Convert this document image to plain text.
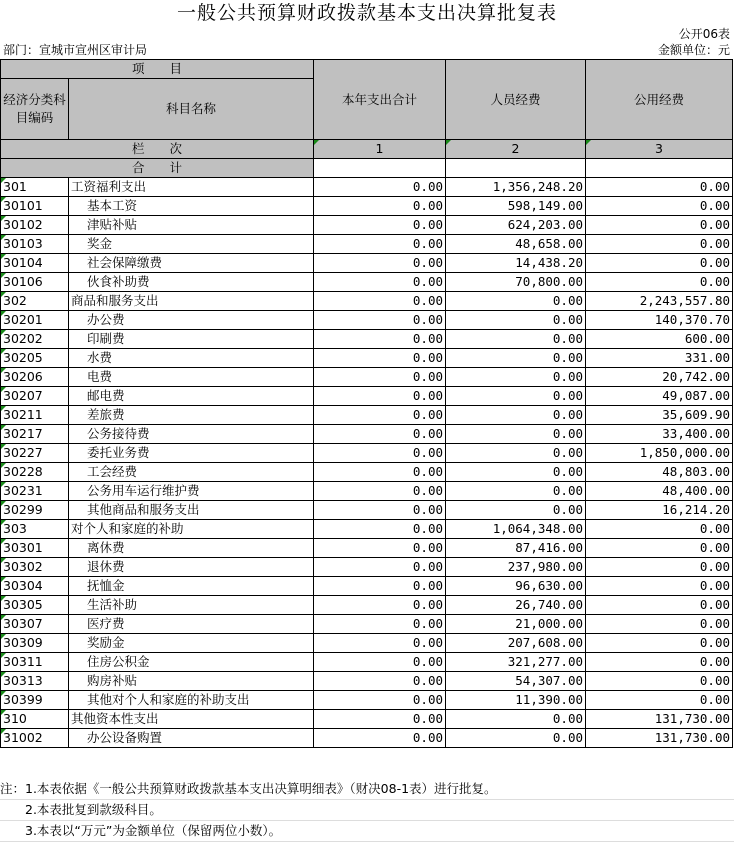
一般公共预算财政拨款基本支出决算批复表
公开06表
部门：宣城市宣州区审计局	金额单位：元
项　　目		本年支出合计	人员经费	公用经费
经济分类科目编码	科目名称			
栏　　次		1	2	3
合　　计				
301	工资福利支出	0.00	1,356,248.20	0.00
30101	基本工资	0.00	598,149.00	0.00
30102	津贴补贴	0.00	624,203.00	0.00
30103	奖金	0.00	48,658.00	0.00
30104	社会保障缴费	0.00	14,438.20	0.00
30106	伙食补助费	0.00	70,800.00	0.00
302	商品和服务支出	0.00	0.00	2,243,557.80
30201	办公费	0.00	0.00	140,370.70
30202	印刷费	0.00	0.00	600.00
30205	水费	0.00	0.00	331.00
30206	电费	0.00	0.00	20,742.00
30207	邮电费	0.00	0.00	49,087.00
30211	差旅费	0.00	0.00	35,609.90
30217	公务接待费	0.00	0.00	33,400.00
30227	委托业务费	0.00	0.00	1,850,000.00
30228	工会经费	0.00	0.00	48,803.00
30231	公务用车运行维护费	0.00	0.00	48,400.00
30299	其他商品和服务支出	0.00	0.00	16,214.20
303	对个人和家庭的补助	0.00	1,064,348.00	0.00
30301	离休费	0.00	87,416.00	0.00
30302	退休费	0.00	237,980.00	0.00
30304	抚恤金	0.00	96,630.00	0.00
30305	生活补助	0.00	26,740.00	0.00
30307	医疗费	0.00	21,000.00	0.00
30309	奖励金	0.00	207,608.00	0.00
30311	住房公积金	0.00	321,277.00	0.00
30313	购房补贴	0.00	54,307.00	0.00
30399	其他对个人和家庭的补助支出	0.00	11,390.00	0.00
310	其他资本性支出	0.00	0.00	131,730.00
31002	办公设备购置	0.00	0.00	131,730.00
注：1.本表依据《一般公共预算财政拨款基本支出决算明细表》（财决08-1表）进行批复。
　　2.本表批复到款级科目。
　　3.本表以“万元”为金额单位（保留两位小数）。
